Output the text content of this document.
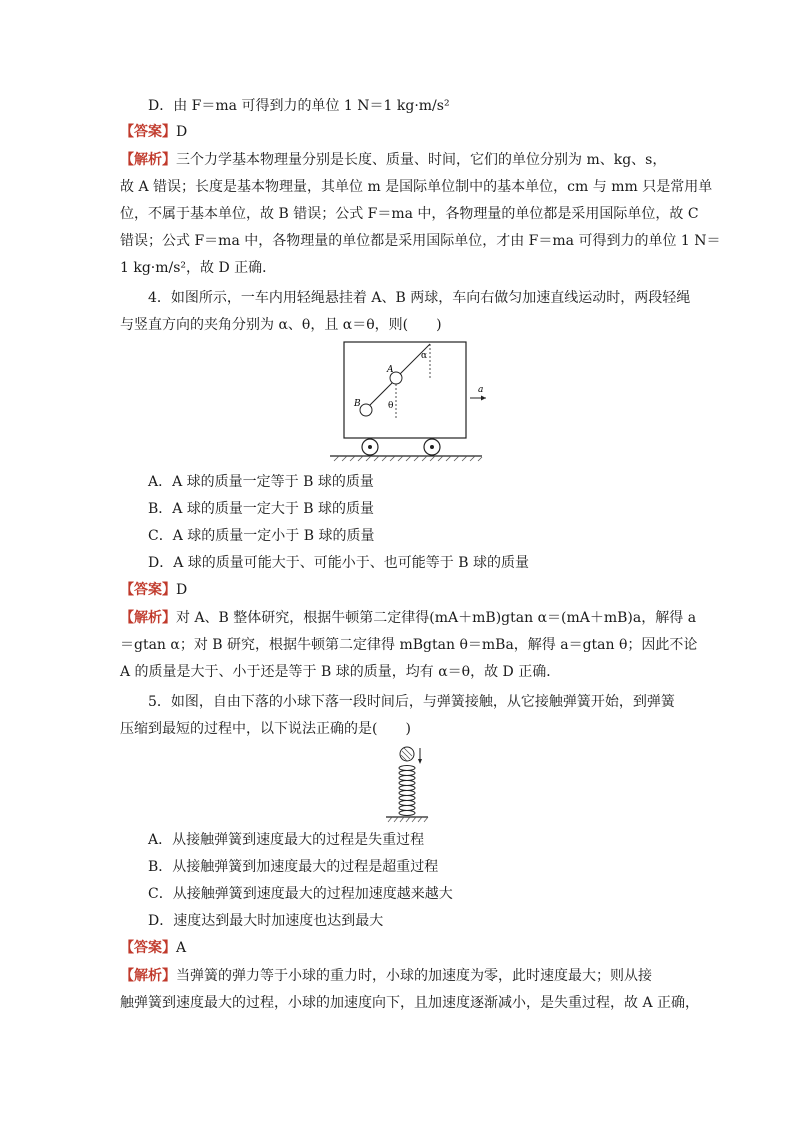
D．由 F＝ma 可得到力的单位 1 N＝1 kg·m/s²
【答案】D
【解析】三个力学基本物理量分别是长度、质量、时间，它们的单位分别为 m、kg、s，
故 A 错误；长度是基本物理量，其单位 m 是国际单位制中的基本单位，cm 与 mm 只是常用单
位，不属于基本单位，故 B 错误；公式 F＝ma 中，各物理量的单位都是采用国际单位，故 C
错误；公式 F＝ma 中，各物理量的单位都是采用国际单位，才由 F＝ma 可得到力的单位 1 N＝
1 kg·m/s²，故 D 正确．
4．如图所示，一车内用轻绳悬挂着 A、B 两球，车向右做匀加速直线运动时，两段轻绳
与竖直方向的夹角分别为 α、θ，且 α＝θ，则(　　)
A
B
α
θ
a
A．A 球的质量一定等于 B 球的质量
B．A 球的质量一定大于 B 球的质量
C．A 球的质量一定小于 B 球的质量
D．A 球的质量可能大于、可能小于、也可能等于 B 球的质量
【答案】D
【解析】对 A、B 整体研究，根据牛顿第二定律得(mA＋mB)gtan α＝(mA＋mB)a，解得 a
＝gtan α；对 B 研究，根据牛顿第二定律得 mBgtan θ＝mBa，解得 a＝gtan θ；因此不论
A 的质量是大于、小于还是等于 B 球的质量，均有 α＝θ，故 D 正确．
5．如图，自由下落的小球下落一段时间后，与弹簧接触，从它接触弹簧开始，到弹簧
压缩到最短的过程中，以下说法正确的是(　　)
A．从接触弹簧到速度最大的过程是失重过程
B．从接触弹簧到加速度最大的过程是超重过程
C．从接触弹簧到速度最大的过程加速度越来越大
D．速度达到最大时加速度也达到最大
【答案】A
【解析】当弹簧的弹力等于小球的重力时，小球的加速度为零，此时速度最大；则从接
触弹簧到速度最大的过程，小球的加速度向下，且加速度逐渐减小，是失重过程，故 A 正确，
